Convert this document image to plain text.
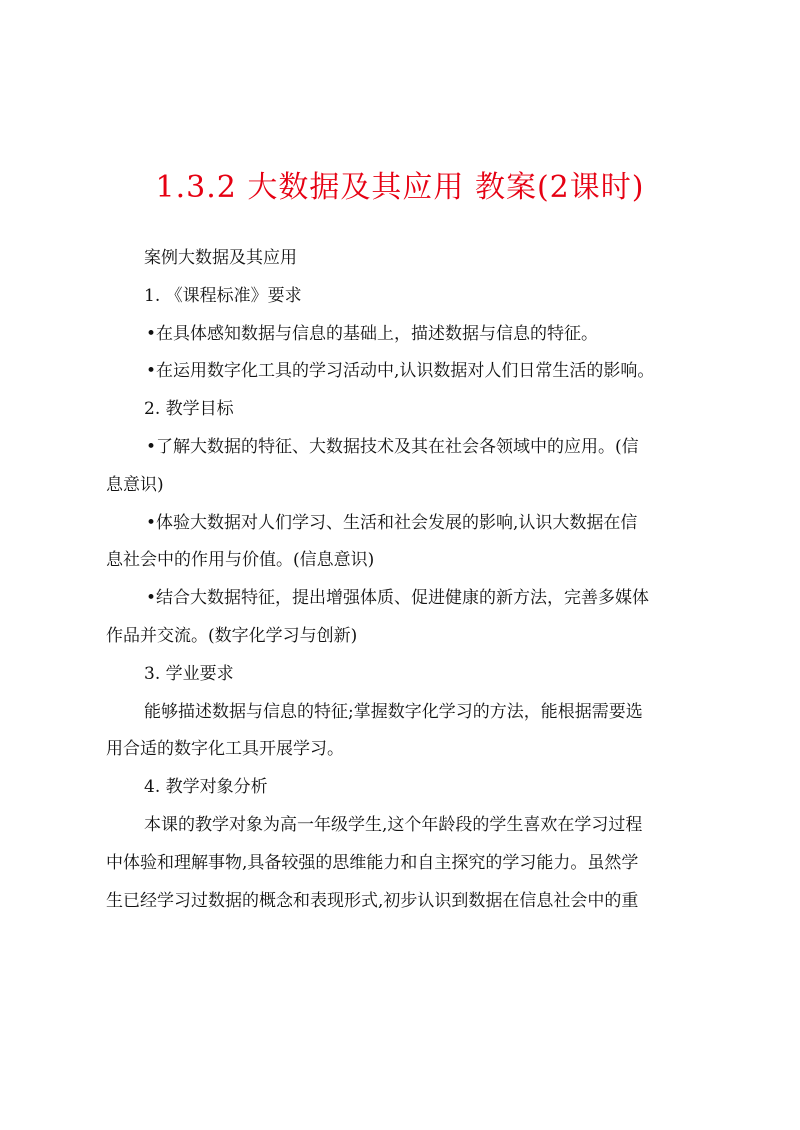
1.3.2 大数据及其应用 教案(2课时)
案例大数据及其应用
1. 《课程标准》要求
•在具体感知数据与信息的基础上，描述数据与信息的特征。
•在运用数字化工具的学习活动中,认识数据对人们日常生活的影响。
2. 教学目标
•了解大数据的特征、大数据技术及其在社会各领域中的应用。(信
息意识)
•体验大数据对人们学习、生活和社会发展的影响,认识大数据在信
息社会中的作用与价值。(信息意识)
•结合大数据特征，提出增强体质、促进健康的新方法，完善多媒体
作品并交流。(数字化学习与创新)
3. 学业要求
能够描述数据与信息的特征;掌握数字化学习的方法，能根据需要选
用合适的数字化工具开展学习。
4. 教学对象分析
本课的教学对象为高一年级学生,这个年龄段的学生喜欢在学习过程
中体验和理解事物,具备较强的思维能力和自主探究的学习能力。虽然学
生已经学习过数据的概念和表现形式,初步认识到数据在信息社会中的重
